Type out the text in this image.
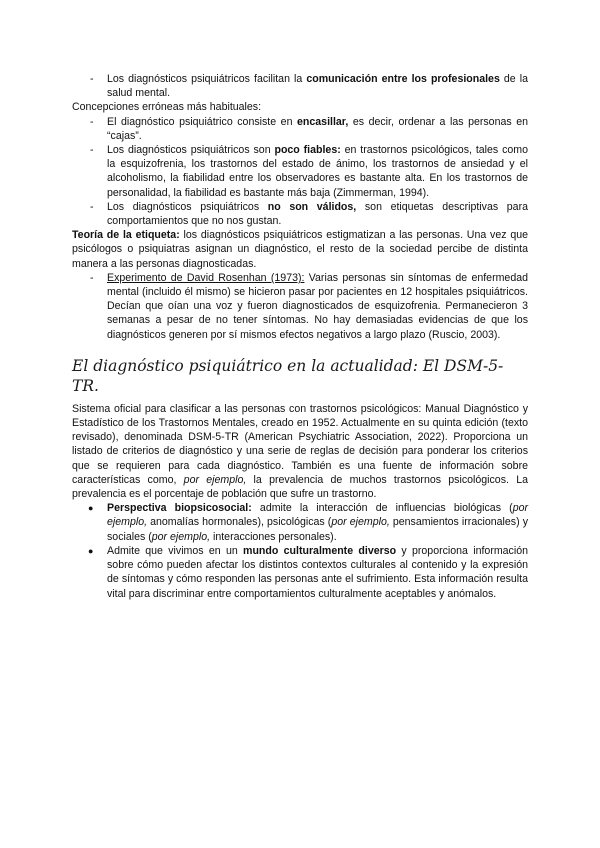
- Los diagnósticos psiquiátricos facilitan la comunicación entre los profesionales de la salud mental.

Concepciones erróneas más habituales:

- El diagnóstico psiquiátrico consiste en encasillar, es decir, ordenar a las personas en “cajas”.
- Los diagnósticos psiquiátricos son poco fiables: en trastornos psicológicos, tales como la esquizofrenia, los trastornos del estado de ánimo, los trastornos de ansiedad y el alcoholismo, la fiabilidad entre los observadores es bastante alta. En los trastornos de personalidad, la fiabilidad es bastante más baja (Zimmerman, 1994).
- Los diagnósticos psiquiátricos no son válidos, son etiquetas descriptivas para comportamientos que no nos gustan.

Teoría de la etiqueta: los diagnósticos psiquiátricos estigmatizan a las personas. Una vez que psicólogos o psiquiatras asignan un diagnóstico, el resto de la sociedad percibe de distinta manera a las personas diagnosticadas.

- Experimento de David Rosenhan (1973): Varias personas sin síntomas de enfermedad mental (incluido él mismo) se hicieron pasar por pacientes en 12 hospitales psiquiátricos. Decían que oían una voz y fueron diagnosticados de esquizofrenia. Permanecieron 3 semanas a pesar de no tener síntomas. No hay demasiadas evidencias de que los diagnósticos generen por sí mismos efectos negativos a largo plazo (Ruscio, 2003).
El diagnóstico psiquiátrico en la actualidad: El DSM-5-TR.

Sistema oficial para clasificar a las personas con trastornos psicológicos: Manual Diagnóstico y Estadístico de los Trastornos Mentales, creado en 1952. Actualmente en su quinta edición (texto revisado), denominada DSM-5-TR (American Psychiatric Association, 2022). Proporciona un listado de criterios de diagnóstico y una serie de reglas de decisión para ponderar los criterios que se requieren para cada diagnóstico. También es una fuente de información sobre características como, por ejemplo, la prevalencia de muchos trastornos psicológicos. La prevalencia es el porcentaje de población que sufre un trastorno.

● Perspectiva biopsicosocial: admite la interacción de influencias biológicas (por ejemplo, anomalías hormonales), psicológicas (por ejemplo, pensamientos irracionales) y sociales (por ejemplo, interacciones personales).
● Admite que vivimos en un mundo culturalmente diverso y proporciona información sobre cómo pueden afectar los distintos contextos culturales al contenido y la expresión de síntomas y cómo responden las personas ante el sufrimiento. Esta información resulta vital para discriminar entre comportamientos culturalmente aceptables y anómalos.
